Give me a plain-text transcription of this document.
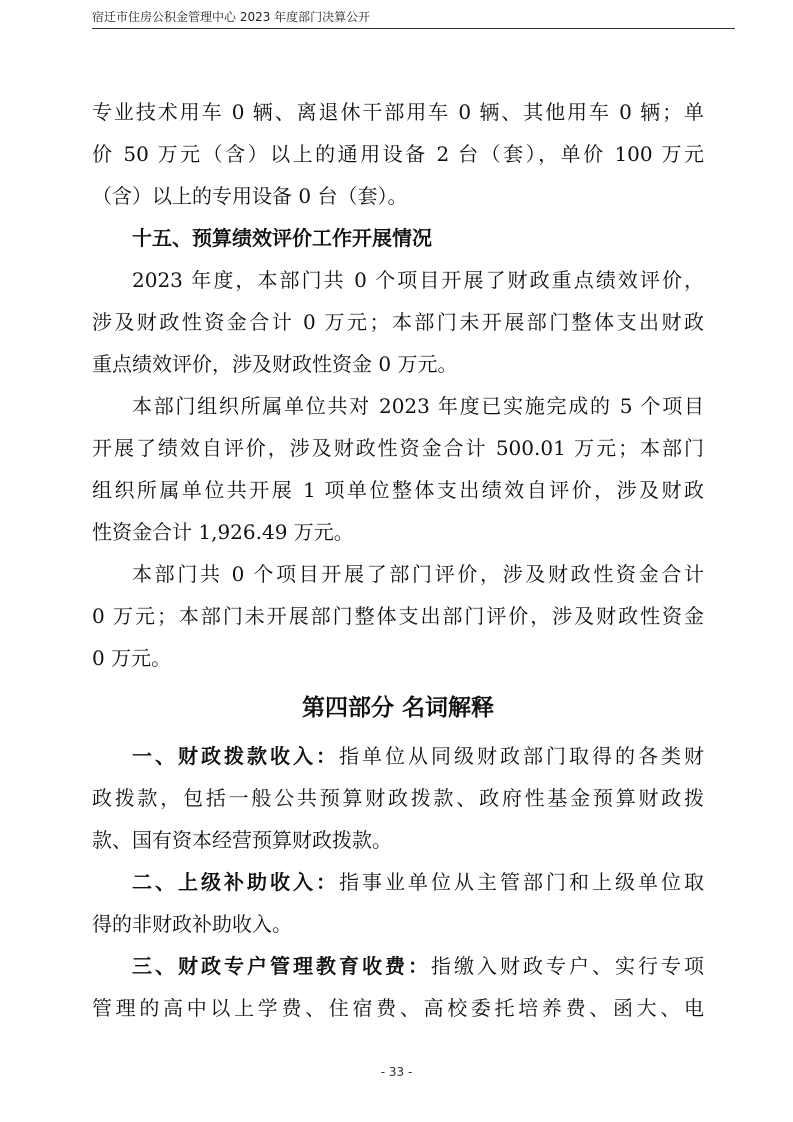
宿迁市住房公积金管理中心 2023 年度部门决算公开
专业技术用车 0 辆、离退休干部用车 0 辆、其他用车 0 辆；单
价 50 万元（含）以上的通用设备 2 台（套），单价 100 万元
（含）以上的专用设备 0 台（套）。
十五、预算绩效评价工作开展情况
2023 年度，本部门共 0 个项目开展了财政重点绩效评价，
涉及财政性资金合计 0 万元；本部门未开展部门整体支出财政
重点绩效评价，涉及财政性资金 0 万元。
本部门组织所属单位共对 2023 年度已实施完成的 5 个项目
开展了绩效自评价，涉及财政性资金合计 500.01 万元；本部门
组织所属单位共开展 1 项单位整体支出绩效自评价，涉及财政
性资金合计 1,926.49 万元。
本部门共 0 个项目开展了部门评价，涉及财政性资金合计
0 万元；本部门未开展部门整体支出部门评价，涉及财政性资金
0 万元。
第四部分 名词解释
一、财政拨款收入：指单位从同级财政部门取得的各类财
政拨款，包括一般公共预算财政拨款、政府性基金预算财政拨
款、国有资本经营预算财政拨款。
二、上级补助收入：指事业单位从主管部门和上级单位取
得的非财政补助收入。
三、财政专户管理教育收费：指缴入财政专户、实行专项
管理的高中以上学费、住宿费、高校委托培养费、函大、电
- 33 -
